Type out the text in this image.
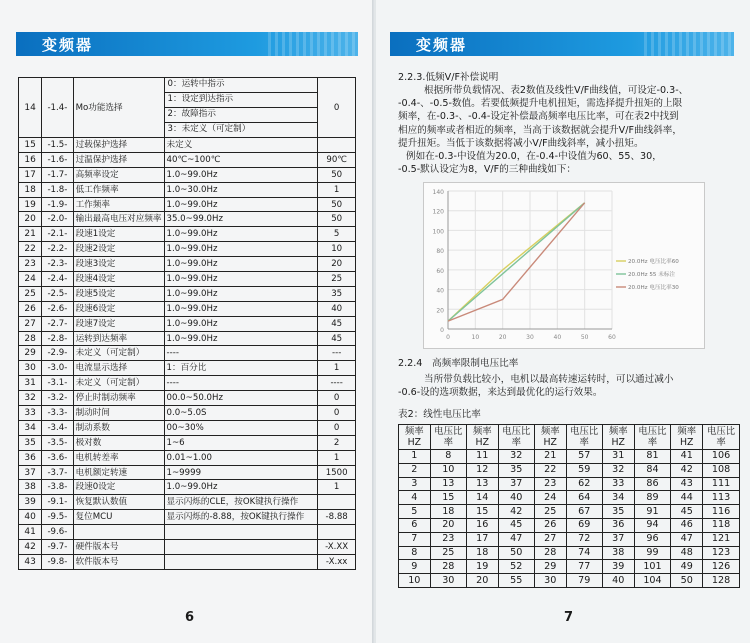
变频器
14	-1.4-	Mo功能选择	0：运转中指示
1：设定到达指示
2：故障指示
3：未定义（可定制）	0
15	-1.5-	过载保护选择	未定义	
16	-1.6-	过温保护选择	40℃~100℃	90℃
17	-1.7-	高频率设定	1.0~99.0Hz	50
18	-1.8-	低工作频率	1.0~30.0Hz	1
19	-1.9-	工作频率	1.0~99.0Hz	50
20	-2.0-	输出最高电压对应频率	35.0~99.0Hz	50
21	-2.1-	段速1设定	1.0~99.0Hz	5
22	-2.2-	段速2设定	1.0~99.0Hz	10
23	-2.3-	段速3设定	1.0~99.0Hz	20
24	-2.4-	段速4设定	1.0~99.0Hz	25
25	-2.5-	段速5设定	1.0~99.0Hz	35
26	-2.6-	段速6设定	1.0~99.0Hz	40
27	-2.7-	段速7设定	1.0~99.0Hz	45
28	-2.8-	运转到达频率	1.0~99.0Hz	45
29	-2.9-	未定义（可定制）	----	---
30	-3.0-	电流显示选择	1：百分比	1
31	-3.1-	未定义（可定制）	----	----
32	-3.2-	停止时制动频率	00.0~50.0Hz	0
33	-3.3-	制动时间	0.0~5.0S	0
34	-3.4-	制动系数	00~30%	0
35	-3.5-	极对数	1~6	2
36	-3.6-	电机转差率	0.01~1.00	1
37	-3.7-	电机额定转速	1~9999	1500
38	-3.8-	段速0设定	1.0~99.0Hz	1
39	-9.1-	恢复默认数值	显示闪烁的CLE，按OK键执行操作	
40	-9.5-	复位MCU	显示闪烁的-8.88，按OK键执行操作	-8.88
41	-9.6-			
42	-9.7-	硬件版本号		-X.XX
43	-9.8-	软件版本号		-X.xx
6
变频器
2.2.3.低频V/F补偿说明
根据所带负载情况、表2数值及线性V/F曲线值，可设定-0.3-、
-0.4-、-0.5-数值。若要低频提升电机扭矩，需选择提升扭矩的上限
频率，在-0.3-、-0.4-设定补偿最高频率电压比率，可在表2中找到
相应的频率或者相近的频率，当高于该数据就会提升V/F曲线斜率，
提升扭矩。当低于该数据将减小V/F曲线斜率，减小扭矩。
例如在-0.3-中设值为20.0，在-0.4-中设值为60、55、30，
-0.5-默认设定为8，V/F的三种曲线如下：
0
20
40
60
80
100
120
140
0	10	20	30	40	50	60
20.0Hz 电压比率60
20.0Hz 55 未标注
20.0Hz 电压比率30
2.2.4　高频率限制电压比率
当所带负载比较小，电机以最高转速运转时，可以通过减小
-0.6-设的选项数据，来达到最优化的运行效果。
表2：线性电压比率
频率HZ	电压比率	频率HZ	电压比率	频率HZ	电压比率	频率HZ	电压比率	频率HZ	电压比率
1	8	11	32	21	57	31	81	41	106
2	10	12	35	22	59	32	84	42	108
3	13	13	37	23	62	33	86	43	111
4	15	14	40	24	64	34	89	44	113
5	18	15	42	25	67	35	91	45	116
6	20	16	45	26	69	36	94	46	118
7	23	17	47	27	72	37	96	47	121
8	25	18	50	28	74	38	99	48	123
9	28	19	52	29	77	39	101	49	126
10	30	20	55	30	79	40	104	50	128
7
